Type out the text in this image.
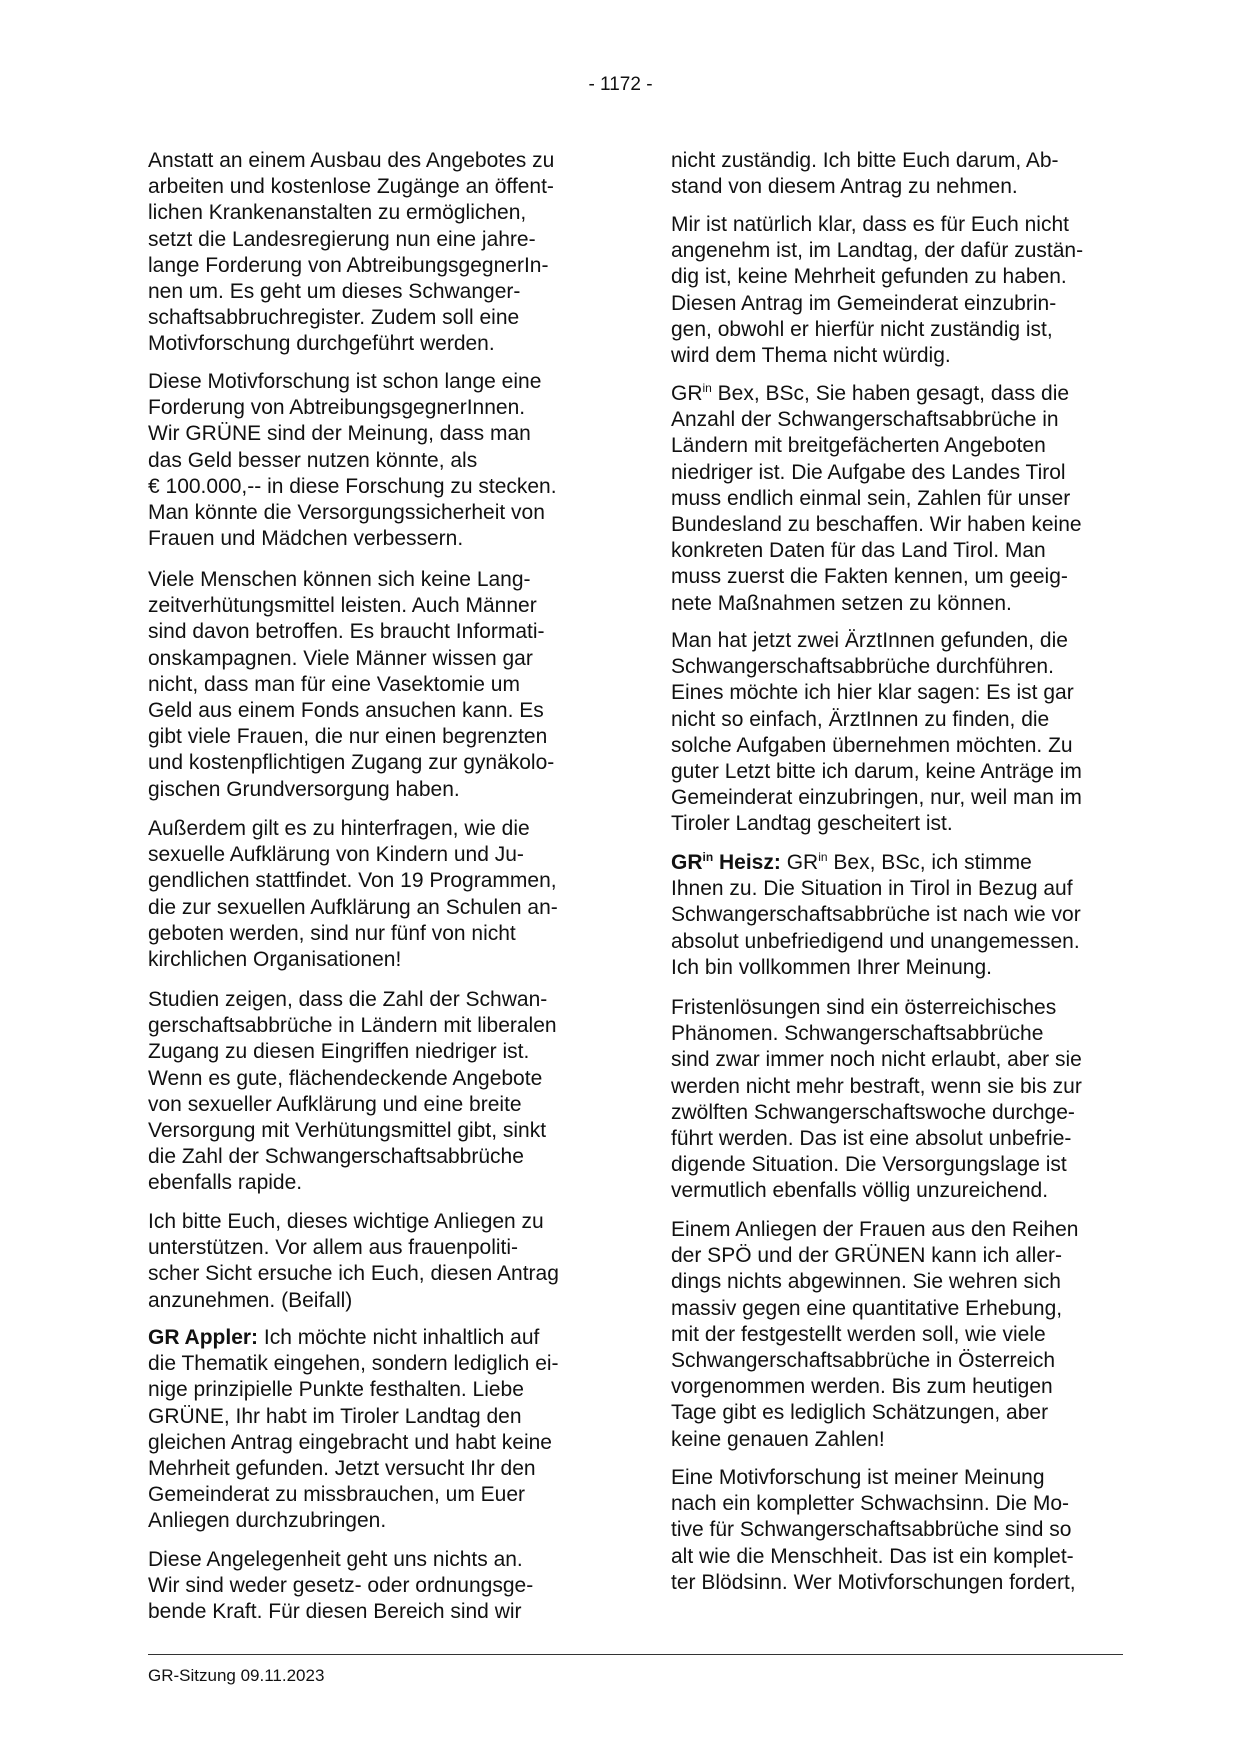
- 1172 -
Anstatt an einem Ausbau des Angebotes zu
arbeiten und kostenlose Zugänge an öffent-
lichen Krankenanstalten zu ermöglichen,
setzt die Landesregierung nun eine jahre-
lange Forderung von AbtreibungsgegnerIn-
nen um. Es geht um dieses Schwanger-
schaftsabbruchregister. Zudem soll eine
Motivforschung durchgeführt werden.
Diese Motivforschung ist schon lange eine
Forderung von AbtreibungsgegnerInnen.
Wir GRÜNE sind der Meinung, dass man
das Geld besser nutzen könnte, als
€ 100.000,-- in diese Forschung zu stecken.
Man könnte die Versorgungssicherheit von
Frauen und Mädchen verbessern.
Viele Menschen können sich keine Lang-
zeitverhütungsmittel leisten. Auch Männer
sind davon betroffen. Es braucht Informati-
onskampagnen. Viele Männer wissen gar
nicht, dass man für eine Vasektomie um
Geld aus einem Fonds ansuchen kann. Es
gibt viele Frauen, die nur einen begrenzten
und kostenpflichtigen Zugang zur gynäkolo-
gischen Grundversorgung haben.
Außerdem gilt es zu hinterfragen, wie die
sexuelle Aufklärung von Kindern und Ju-
gendlichen stattfindet. Von 19 Programmen,
die zur sexuellen Aufklärung an Schulen an-
geboten werden, sind nur fünf von nicht
kirchlichen Organisationen!
Studien zeigen, dass die Zahl der Schwan-
gerschaftsabbrüche in Ländern mit liberalen
Zugang zu diesen Eingriffen niedriger ist.
Wenn es gute, flächendeckende Angebote
von sexueller Aufklärung und eine breite
Versorgung mit Verhütungsmittel gibt, sinkt
die Zahl der Schwangerschaftsabbrüche
ebenfalls rapide.
Ich bitte Euch, dieses wichtige Anliegen zu
unterstützen. Vor allem aus frauenpoliti-
scher Sicht ersuche ich Euch, diesen Antrag
anzunehmen. (Beifall)
GR Appler: Ich möchte nicht inhaltlich auf
die Thematik eingehen, sondern lediglich ei-
nige prinzipielle Punkte festhalten. Liebe
GRÜNE, Ihr habt im Tiroler Landtag den
gleichen Antrag eingebracht und habt keine
Mehrheit gefunden. Jetzt versucht Ihr den
Gemeinderat zu missbrauchen, um Euer
Anliegen durchzubringen.
Diese Angelegenheit geht uns nichts an.
Wir sind weder gesetz- oder ordnungsge-
bende Kraft. Für diesen Bereich sind wir
nicht zuständig. Ich bitte Euch darum, Ab-
stand von diesem Antrag zu nehmen.
Mir ist natürlich klar, dass es für Euch nicht
angenehm ist, im Landtag, der dafür zustän-
dig ist, keine Mehrheit gefunden zu haben.
Diesen Antrag im Gemeinderat einzubrin-
gen, obwohl er hierfür nicht zuständig ist,
wird dem Thema nicht würdig.
$GR^{in}$ Bex, BSc, Sie haben gesagt, dass die
Anzahl der Schwangerschaftsabbrüche in
Ländern mit breitgefächerten Angeboten
niedriger ist. Die Aufgabe des Landes Tirol
muss endlich einmal sein, Zahlen für unser
Bundesland zu beschaffen. Wir haben keine
konkreten Daten für das Land Tirol. Man
muss zuerst die Fakten kennen, um geeig-
nete Maßnahmen setzen zu können.
Man hat jetzt zwei ÄrztInnen gefunden, die
Schwangerschaftsabbrüche durchführen.
Eines möchte ich hier klar sagen: Es ist gar
nicht so einfach, ÄrztInnen zu finden, die
solche Aufgaben übernehmen möchten. Zu
guter Letzt bitte ich darum, keine Anträge im
Gemeinderat einzubringen, nur, weil man im
Tiroler Landtag gescheitert ist.
$GR^{in}$ Heisz: $GR^{in}$ Bex, BSc, ich stimme
Ihnen zu. Die Situation in Tirol in Bezug auf
Schwangerschaftsabbrüche ist nach wie vor
absolut unbefriedigend und unangemessen.
Ich bin vollkommen Ihrer Meinung.
Fristenlösungen sind ein österreichisches
Phänomen. Schwangerschaftsabbrüche
sind zwar immer noch nicht erlaubt, aber sie
werden nicht mehr bestraft, wenn sie bis zur
zwölften Schwangerschaftswoche durchge-
führt werden. Das ist eine absolut unbefrie-
digende Situation. Die Versorgungslage ist
vermutlich ebenfalls völlig unzureichend.
Einem Anliegen der Frauen aus den Reihen
der SPÖ und der GRÜNEN kann ich aller-
dings nichts abgewinnen. Sie wehren sich
massiv gegen eine quantitative Erhebung,
mit der festgestellt werden soll, wie viele
Schwangerschaftsabbrüche in Österreich
vorgenommen werden. Bis zum heutigen
Tage gibt es lediglich Schätzungen, aber
keine genauen Zahlen!
Eine Motivforschung ist meiner Meinung
nach ein kompletter Schwachsinn. Die Mo-
tive für Schwangerschaftsabbrüche sind so
alt wie die Menschheit. Das ist ein komplet-
ter Blödsinn. Wer Motivforschungen fordert,
GR-Sitzung 09.11.2023
